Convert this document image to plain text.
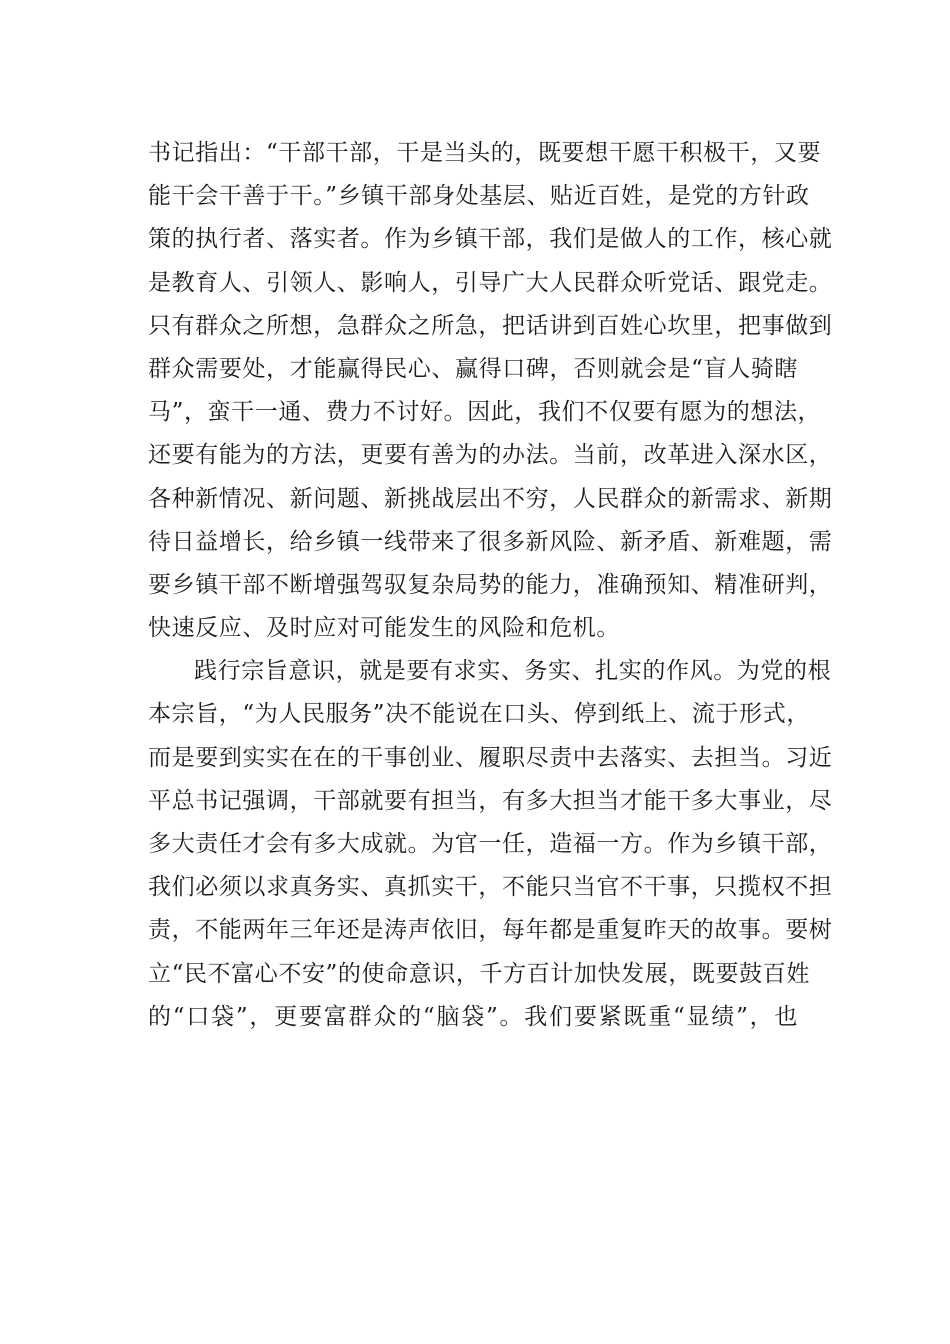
书记指出：“干部干部，干是当头的，既要想干愿干积极干，又要
能干会干善于干。”乡镇干部身处基层、贴近百姓，是党的方针政
策的执行者、落实者。作为乡镇干部，我们是做人的工作，核心就
是教育人、引领人、影响人，引导广大人民群众听党话、跟党走。
只有群众之所想，急群众之所急，把话讲到百姓心坎里，把事做到
群众需要处，才能赢得民心、赢得口碑，否则就会是“盲人骑瞎
马”，蛮干一通、费力不讨好。因此，我们不仅要有愿为的想法，
还要有能为的方法，更要有善为的办法。当前，改革进入深水区，
各种新情况、新问题、新挑战层出不穷，人民群众的新需求、新期
待日益增长，给乡镇一线带来了很多新风险、新矛盾、新难题，需
要乡镇干部不断增强驾驭复杂局势的能力，准确预知、精准研判，
快速反应、及时应对可能发生的风险和危机。
践行宗旨意识，就是要有求实、务实、扎实的作风。为党的根
本宗旨，“为人民服务”决不能说在口头、停到纸上、流于形式，
而是要到实实在在的干事创业、履职尽责中去落实、去担当。习近
平总书记强调，干部就要有担当，有多大担当才能干多大事业，尽
多大责任才会有多大成就。为官一任，造福一方。作为乡镇干部，
我们必须以求真务实、真抓实干，不能只当官不干事，只揽权不担
责，不能两年三年还是涛声依旧，每年都是重复昨天的故事。要树
立“民不富心不安”的使命意识，千方百计加快发展，既要鼓百姓
的“口袋”，更要富群众的“脑袋”。我们要紧既重“显绩”，也
